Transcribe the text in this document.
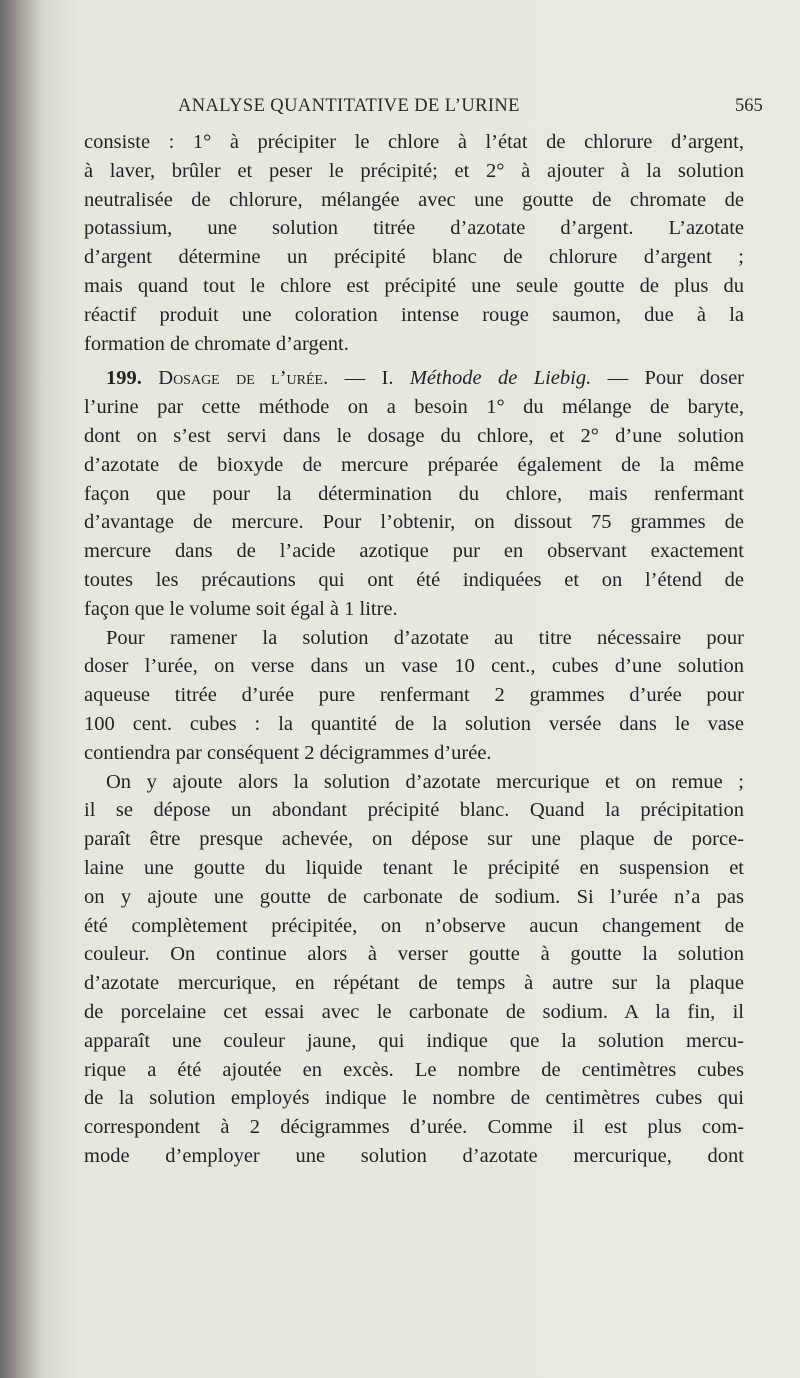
ANALYSE QUANTITATIVE DE L’URINE	565
consiste : 1° à précipiter le chlore à l’état de chlorure d’argent,
à laver, brûler et peser le précipité; et 2° à ajouter à la solution
neutralisée de chlorure, mélangée avec une goutte de chromate de
potassium, une solution titrée d’azotate d’argent. L’azotate
d’argent détermine un précipité blanc de chlorure d’argent ;
mais quand tout le chlore est précipité une seule goutte de plus du
réactif produit une coloration intense rouge saumon, due à la
formation de chromate d’argent.
199. Dosage de l’urée. — I. Méthode de Liebig. — Pour doser
l’urine par cette méthode on a besoin 1° du mélange de baryte,
dont on s’est servi dans le dosage du chlore, et 2° d’une solution
d’azotate de bioxyde de mercure préparée également de la même
façon que pour la détermination du chlore, mais renfermant
d’avantage de mercure. Pour l’obtenir, on dissout 75 grammes de
mercure dans de l’acide azotique pur en observant exactement
toutes les précautions qui ont été indiquées et on l’étend de
façon que le volume soit égal à 1 litre.
Pour ramener la solution d’azotate au titre nécessaire pour
doser l’urée, on verse dans un vase 10 cent., cubes d’une solution
aqueuse titrée d’urée pure renfermant 2 grammes d’urée pour
100 cent. cubes : la quantité de la solution versée dans le vase
contiendra par conséquent 2 décigrammes d’urée.
On y ajoute alors la solution d’azotate mercurique et on remue ;
il se dépose un abondant précipité blanc. Quand la précipitation
paraît être presque achevée, on dépose sur une plaque de porce-
laine une goutte du liquide tenant le précipité en suspension et
on y ajoute une goutte de carbonate de sodium. Si l’urée n’a pas
été complètement précipitée, on n’observe aucun changement de
couleur. On continue alors à verser goutte à goutte la solution
d’azotate mercurique, en répétant de temps à autre sur la plaque
de porcelaine cet essai avec le carbonate de sodium. A la fin, il
apparaît une couleur jaune, qui indique que la solution mercu-
rique a été ajoutée en excès. Le nombre de centimètres cubes
de la solution employés indique le nombre de centimètres cubes qui
correspondent à 2 décigrammes d’urée. Comme il est plus com-
mode d’employer une solution d’azotate mercurique, dont
